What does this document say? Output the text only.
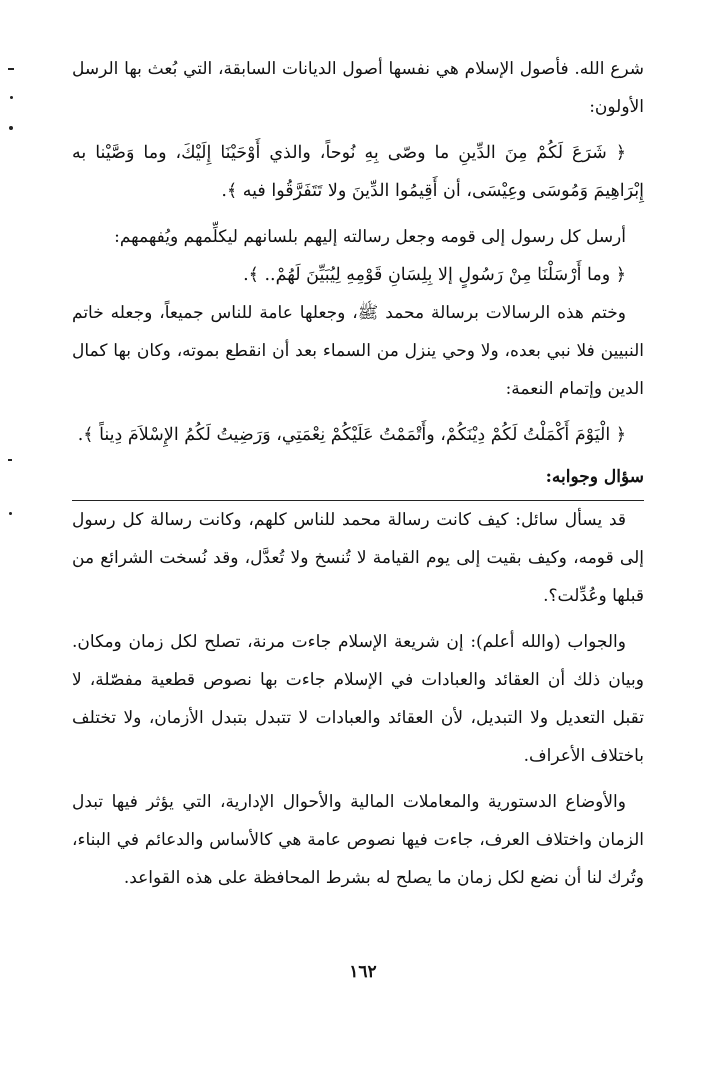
شرع الله. فأصول الإسلام هي نفسها أصول الديانات السابقة، التي بُعث بها الرسل الأولون:

﴿ شَرَعَ لَكُمْ مِنَ الدِّينِ ما وصّى بِهِ نُوحاً، والذي أَوْحَيْنَا إِلَيْكَ، وما وَصَّيْنا به إِبْرَاهِيمَ وَمُوسَى وعِيْسَى، أن أَقِيمُوا الدِّينَ ولا تَتَفَرَّقُوا فيه ﴾.

أرسل كل رسول إلى قومه وجعل رسالته إليهم بلسانهم ليكلِّمهم ويُفهمهم:

﴿ وما أَرْسَلْنَا مِنْ رَسُولٍ إلا بِلِسَانِ قَوْمِهِ لِيُبَيِّنَ لَهُمْ.. ﴾.

وختم هذه الرسالات برسالة محمد ﷺ، وجعلها عامة للناس جميعاً، وجعله خاتم النبيين فلا نبي بعده، ولا وحي ينزل من السماء بعد أن انقطع بموته، وكان بها كمال الدين وإتمام النعمة:

﴿ الْيَوْمَ أَكْمَلْتُ لَكُمْ دِيْنَكُمْ، وأَتْمَمْتُ عَلَيْكُمْ نِعْمَتِي، وَرَضِيتُ لَكُمُ الإِسْلاَمَ دِيناً ﴾.

سؤال وجوابه:

قد يسأل سائل: كيف كانت رسالة محمد للناس كلهم، وكانت رسالة كل رسول إلى قومه، وكيف بقيت إلى يوم القيامة لا تُنسخ ولا تُعدَّل، وقد نُسخت الشرائع من قبلها وعُدِّلت؟.

والجواب (والله أعلم): إن شريعة الإسلام جاءت مرنة، تصلح لكل زمان ومكان. وبيان ذلك أن العقائد والعبادات في الإسلام جاءت بها نصوص قطعية مفصّلة، لا تقبل التعديل ولا التبديل، لأن العقائد والعبادات لا تتبدل بتبدل الأزمان، ولا تختلف باختلاف الأعراف.

والأوضاع الدستورية والمعاملات المالية والأحوال الإدارية، التي يؤثر فيها تبدل الزمان واختلاف العرف، جاءت فيها نصوص عامة هي كالأساس والدعائم في البناء، وتُرك لنا أن نضع لكل زمان ما يصلح له بشرط المحافظة على هذه القواعد.

١٦٢
